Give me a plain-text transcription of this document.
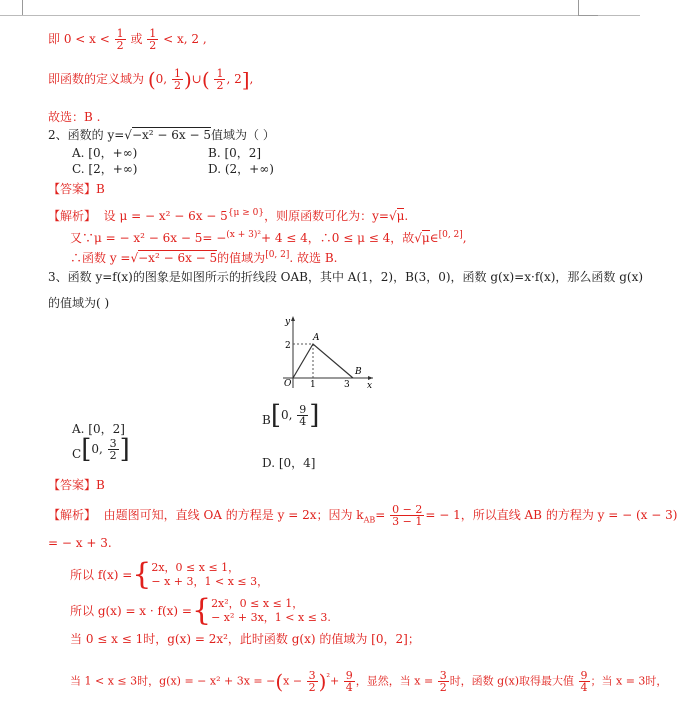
即 $0 < x < \frac{1}{2}$ 或 $\frac{1}{2} < x$, 2 ,
即函数的定义域为 (0, $\frac{1}{2}$ )∪( $\frac{1}{2}$ , 2],
故选：B .
2、函数的 y=√−x² − 6x − 5值域为（ ）
A. [0，+∞)	B. [0，2]
C. [2，+∞)	D. (2，+∞)
【答案】B
【解析】 设 μ = − $x^2 - 6x - 5^{\{\mu \ge 0\}}$，则原函数可化为：y=√μ.
又∵μ = − x² − 6x − 5= −$^{(x + 3)^2}$+ 4 ≤ 4，∴0 ≤ μ ≤ 4，故√μ∈[0, 2],
∴函数 y =√−x² − 6x − 5的值域为[0, 2]. 故选 B.
3、函数 y=f(x)的图象是如图所示的折线段 OAB，其中 A(1，2)，B(3，0)，函数 g(x)=x·f(x)，那么函数 g(x)
的值域为( )
y
x
O
A
B
1	3
2
A. [0，2]
B[0, $\frac{9}{4}$ ]
C[0, $\frac{3}{2}$ ]	D. [0，4]
【答案】B
【解析】 由题图可知，直线 OA 的方程是 y = 2x；因为 $k_{AB}= \frac{0 - 2}{3 - 1}$ = − 1，所以直线 AB 的方程为 y = − (x − 3)
= − x + 3.
所以 f(x) ={2x，0 ≤ x ≤ 1，
− x + 3，1 < x ≤ 3，
所以 g(x) = x · f(x) ={2x²，0 ≤ x ≤ 1，
− x² + 3x，1 < x ≤ 3.
当 0 ≤ x ≤ 1时，g(x) = 2x²，此时函数 g(x) 的值域为 [0，2]；
当 1 < x ≤ 3时，g(x) = − $x^2 + 3x = -(x - \frac{3}{2} )^{^2}+ \frac{9}{4}$ ，显然，当 $x = \frac{3}{2}$ 时，函数 g(x)取得最大值 $\frac{9}{4}$ ；当 x = 3时，
